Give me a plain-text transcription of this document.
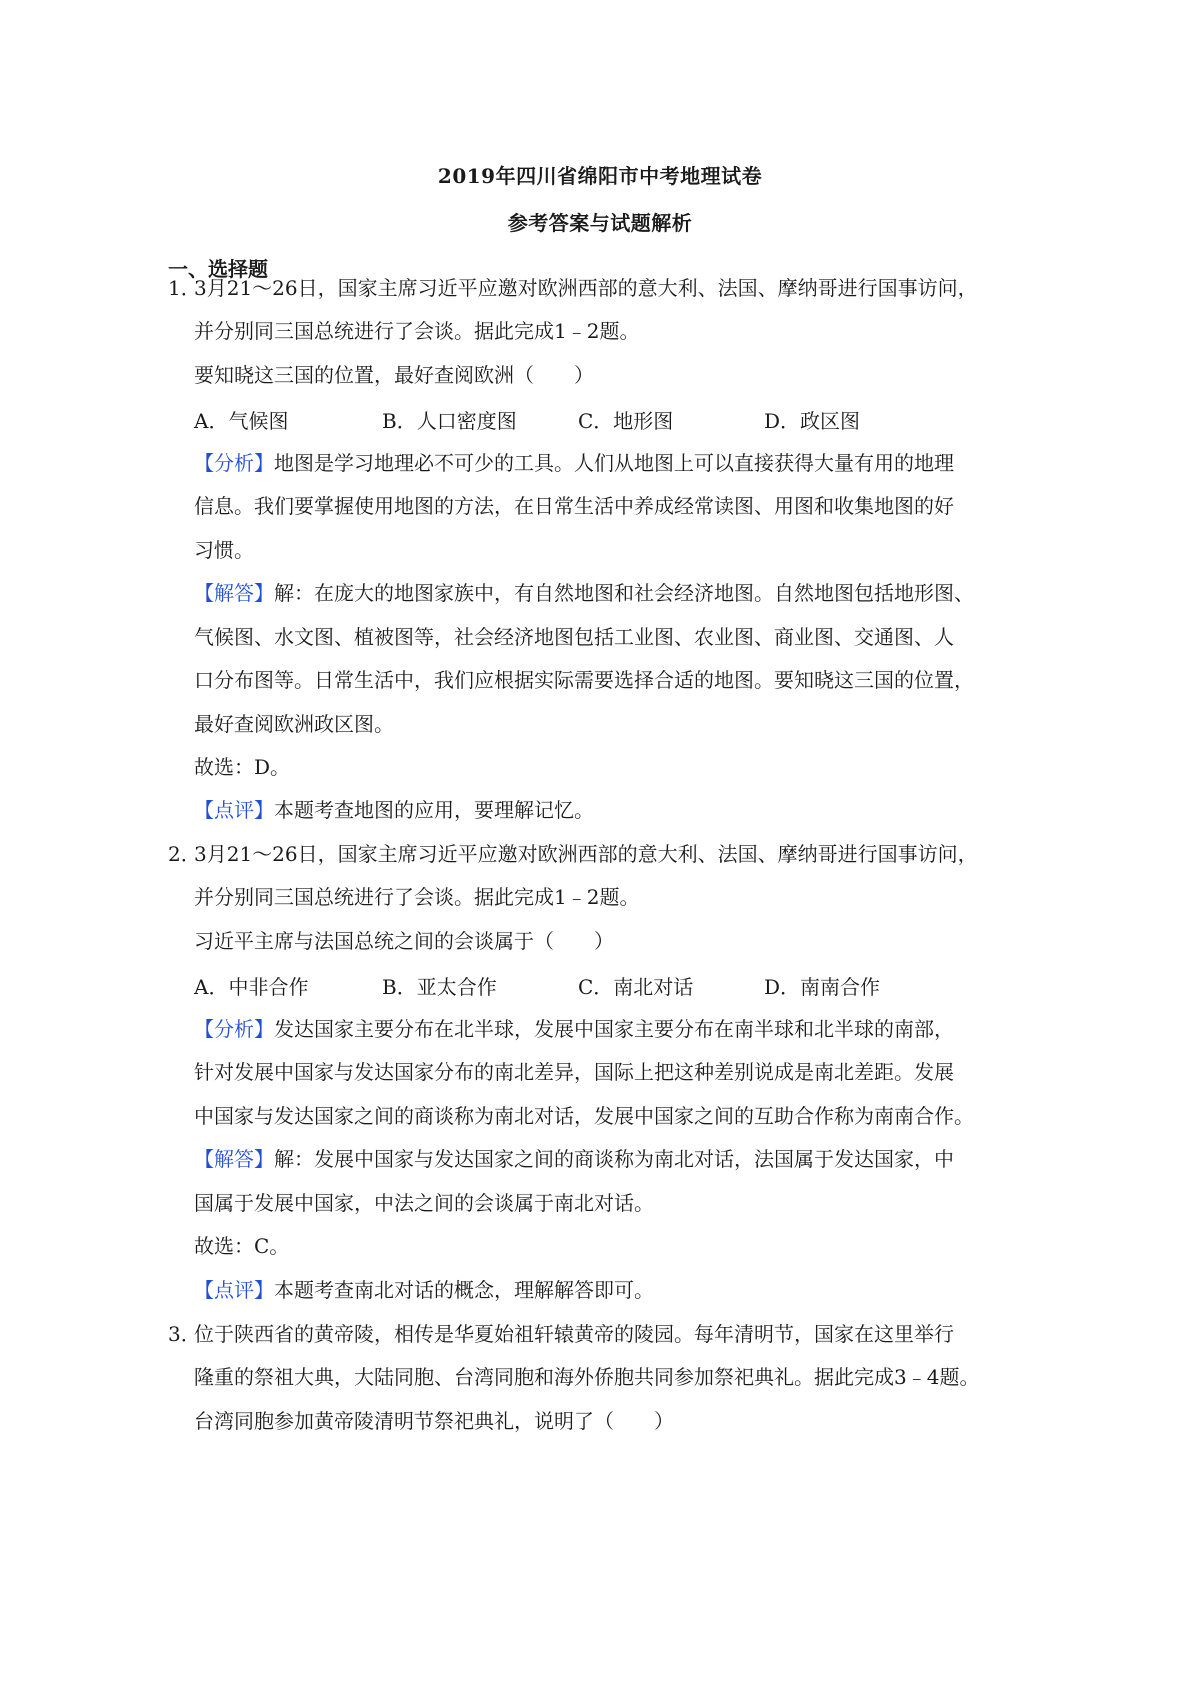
2019年四川省绵阳市中考地理试卷
参考答案与试题解析
一、选择题
1．
3月21～26日，国家主席习近平应邀对欧洲西部的意大利、法国、摩纳哥进行国事访问，
并分别同三国总统进行了会谈。据此完成1﹣2题。
要知晓这三国的位置，最好查阅欧洲（　　）
A．气候图	B．人口密度图	C．地形图	D．政区图
【分析】地图是学习地理必不可少的工具。人们从地图上可以直接获得大量有用的地理
信息。我们要掌握使用地图的方法，在日常生活中养成经常读图、用图和收集地图的好
习惯。
【解答】解：在庞大的地图家族中，有自然地图和社会经济地图。自然地图包括地形图、
气候图、水文图、植被图等，社会经济地图包括工业图、农业图、商业图、交通图、人
口分布图等。日常生活中，我们应根据实际需要选择合适的地图。要知晓这三国的位置，
最好查阅欧洲政区图。
故选：D。
【点评】本题考查地图的应用，要理解记忆。
2．
3月21～26日，国家主席习近平应邀对欧洲西部的意大利、法国、摩纳哥进行国事访问，
并分别同三国总统进行了会谈。据此完成1﹣2题。
习近平主席与法国总统之间的会谈属于（　　）
A．中非合作	B．亚太合作	C．南北对话	D．南南合作
【分析】发达国家主要分布在北半球，发展中国家主要分布在南半球和北半球的南部，
针对发展中国家与发达国家分布的南北差异，国际上把这种差别说成是南北差距。发展
中国家与发达国家之间的商谈称为南北对话，发展中国家之间的互助合作称为南南合作。
【解答】解：发展中国家与发达国家之间的商谈称为南北对话，法国属于发达国家，中
国属于发展中国家，中法之间的会谈属于南北对话。
故选：C。
【点评】本题考查南北对话的概念，理解解答即可。
3．
位于陕西省的黄帝陵，相传是华夏始祖轩辕黄帝的陵园。每年清明节，国家在这里举行
隆重的祭祖大典，大陆同胞、台湾同胞和海外侨胞共同参加祭祀典礼。据此完成3﹣4题。
台湾同胞参加黄帝陵清明节祭祀典礼，说明了（　　）
